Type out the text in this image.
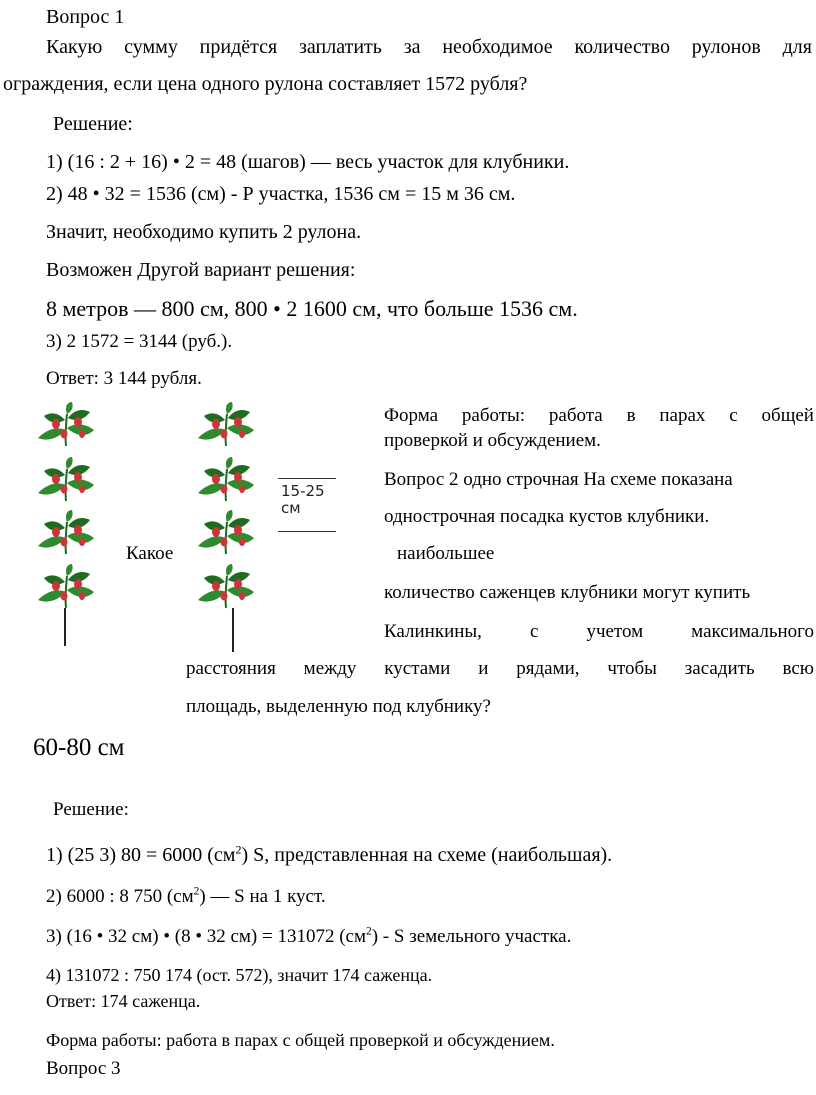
Вопрос 1
Какую сумму придётся заплатить за необходимое количество рулонов для
ограждения, если цена одного рулона составляет 1572 рубля?
Решение:
1) (16 : 2 + 16) • 2 = 48 (шагов) — весь участок для клубники.
2) 48 • 32 = 1536 (см) - Р участка, 1536 см = 15 м 36 см.
Значит, необходимо купить 2 рулона.
Возможен Другой вариант решения:
8 метров — 800 см, 800 • 2 1600 см, что больше 1536 см.
3) 2 1572 = 3144 (руб.).
Ответ: 3 144 рубля.
15-25
см
Форма работы: работа в парах с общей
проверкой и обсуждением.
Вопрос 2 одно строчная На схеме показана
однострочная посадка кустов клубники.
Какое	наибольшее
количество саженцев клубники могут купить
Калинкины,	с	учетом	максимального
расстояния между кустами и рядами, чтобы засадить всю
площадь, выделенную под клубнику?
60-80 см
Решение:
1) (25 3) 80 = 6000 $(см^2)$ S, представленная на схеме (наибольшая).
2) 6000 : 8 750 $(см^2)$ — S на 1 куст.
3) (16 • 32 см) • (8 • 32 см) = 131072 $(см^2)$ - S земельного участка.
4) 131072 : 750 174 (ост. 572), значит 174 саженца.
Ответ: 174 саженца.
Форма работы: работа в парах с общей проверкой и обсуждением.
Вопрос 3
